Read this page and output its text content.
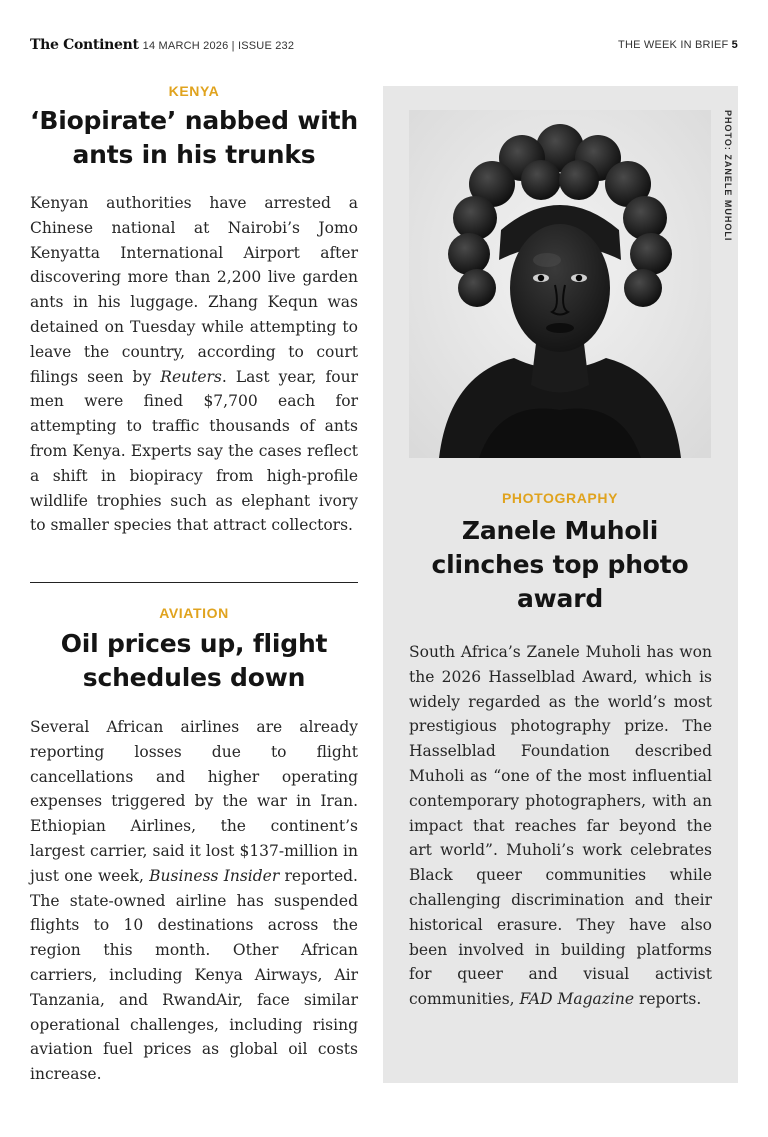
The Continent 14 MARCH 2026 | ISSUE 232	THE WEEK IN BRIEF 5
KENYA
‘Biopirate’ nabbed with ants in his trunks

Kenyan authorities have arrested a Chinese national at Nairobi’s Jomo Kenyatta International Airport after discovering more than 2,200 live garden ants in his luggage. Zhang Kequn was detained on Tuesday while attempting to leave the country, according to court filings seen by Reuters. Last year, four men were fined $7,700 each for attempting to traffic thousands of ants from Kenya. Experts say the cases reflect a shift in biopiracy from high-profile wildlife trophies such as elephant ivory to smaller species that attract collectors.

AVIATION
Oil prices up, flight schedules down

Several African airlines are already reporting losses due to flight cancellations and higher operating expenses triggered by the war in Iran. Ethiopian Airlines, the continent’s largest carrier, said it lost $137-million in just one week, Business Insider reported. The state-owned airline has suspended flights to 10 destinations across the region this month. Other African carriers, including Kenya Airways, Air Tanzania, and RwandAir, face similar operational challenges, including rising aviation fuel prices as global oil costs increase.

PHOTO: ZANELE MUHOLI
PHOTOGRAPHY
Zanele Muholi clinches top photo award

South Africa’s Zanele Muholi has won the 2026 Hasselblad Award, which is widely regarded as the world’s most prestigious photography prize. The Hasselblad Foundation described Muholi as “one of the most influential contemporary photographers, with an impact that reaches far beyond the art world”. Muholi’s work celebrates Black queer communities while challenging discrimination and their historical erasure. They have also been involved in building platforms for queer and visual activist communities, FAD Magazine reports.
